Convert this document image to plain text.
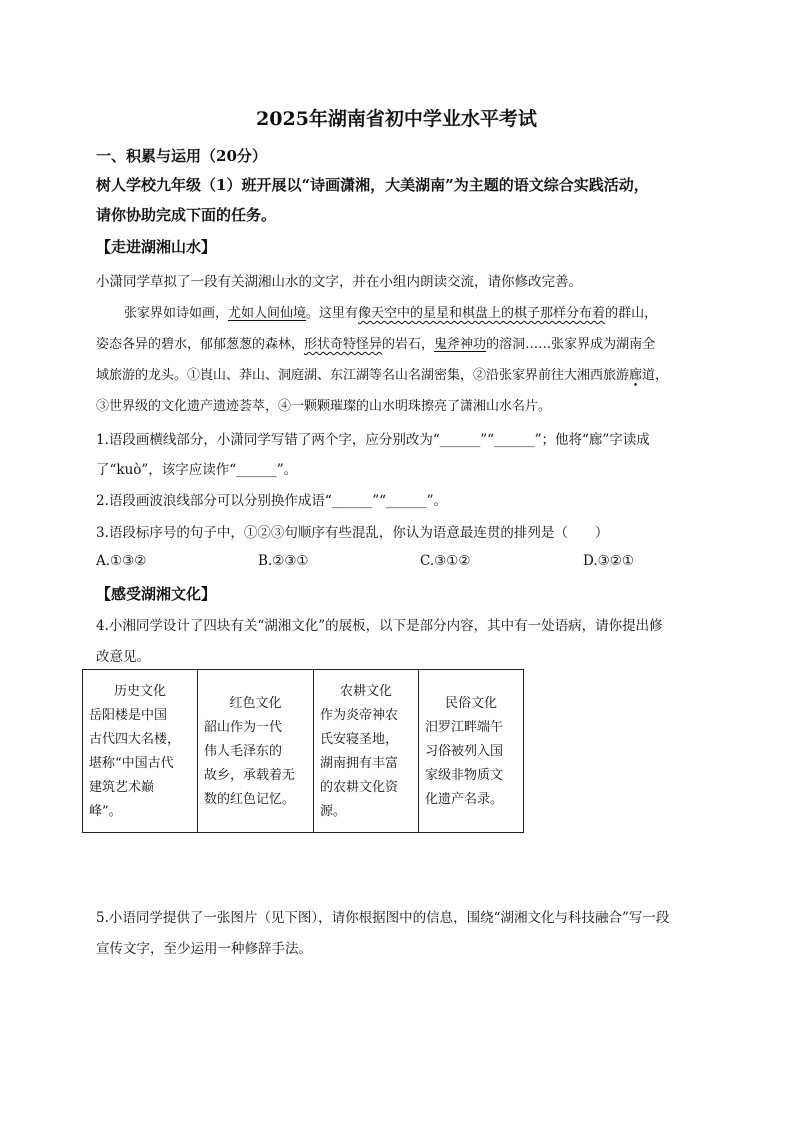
2025年湖南省初中学业水平考试
一、积累与运用（20分）
树人学校九年级（1）班开展以“诗画潇湘，大美湖南”为主题的语文综合实践活动，
请你协助完成下面的任务。
【走进湖湘山水】
小潇同学草拟了一段有关湖湘山水的文字，并在小组内朗读交流，请你修改完善。
张家界如诗如画，尤如人间仙境。这里有像天空中的星星和棋盘上的棋子那样分布着的群山，
姿态各异的碧水，郁郁葱葱的森林，形状奇特怪异的岩石，鬼斧神功的溶洞……张家界成为湖南全
域旅游的龙头。①崀山、莽山、洞庭湖、东江湖等名山名湖密集，②沿张家界前往大湘西旅游廊道，
③世界级的文化遗产遗迹荟萃，④一颗颗璀璨的山水明珠擦亮了潇湘山水名片。
1.语段画横线部分，小潇同学写错了两个字，应分别改为“______”“______”；他将“廊”字读成
了“kuò”，该字应读作“______”。
2.语段画波浪线部分可以分别换作成语“______”“______”。
3.语段标序号的句子中，①②③句顺序有些混乱，你认为语意最连贯的排列是（　　）
A.①③②	B.②③①	C.③①②	D.③②①
【感受湖湘文化】
4.小湘同学设计了四块有关“湖湘文化”的展板，以下是部分内容，其中有一处语病，请你提出修
改意见。
历史文化
岳阳楼是中国
古代四大名楼，
堪称“中国古代
建筑艺术巅
峰”。

红色文化
韶山作为一代
伟人毛泽东的
故乡，承载着无
数的红色记忆。

农耕文化
作为炎帝神农
氏安寝圣地，
湖南拥有丰富
的农耕文化资
源。

民俗文化
汨罗江畔端午
习俗被列入国
家级非物质文
化遗产名录。
5.小语同学提供了一张图片（见下图），请你根据图中的信息，围绕“湖湘文化与科技融合”写一段
宣传文字，至少运用一种修辞手法。
